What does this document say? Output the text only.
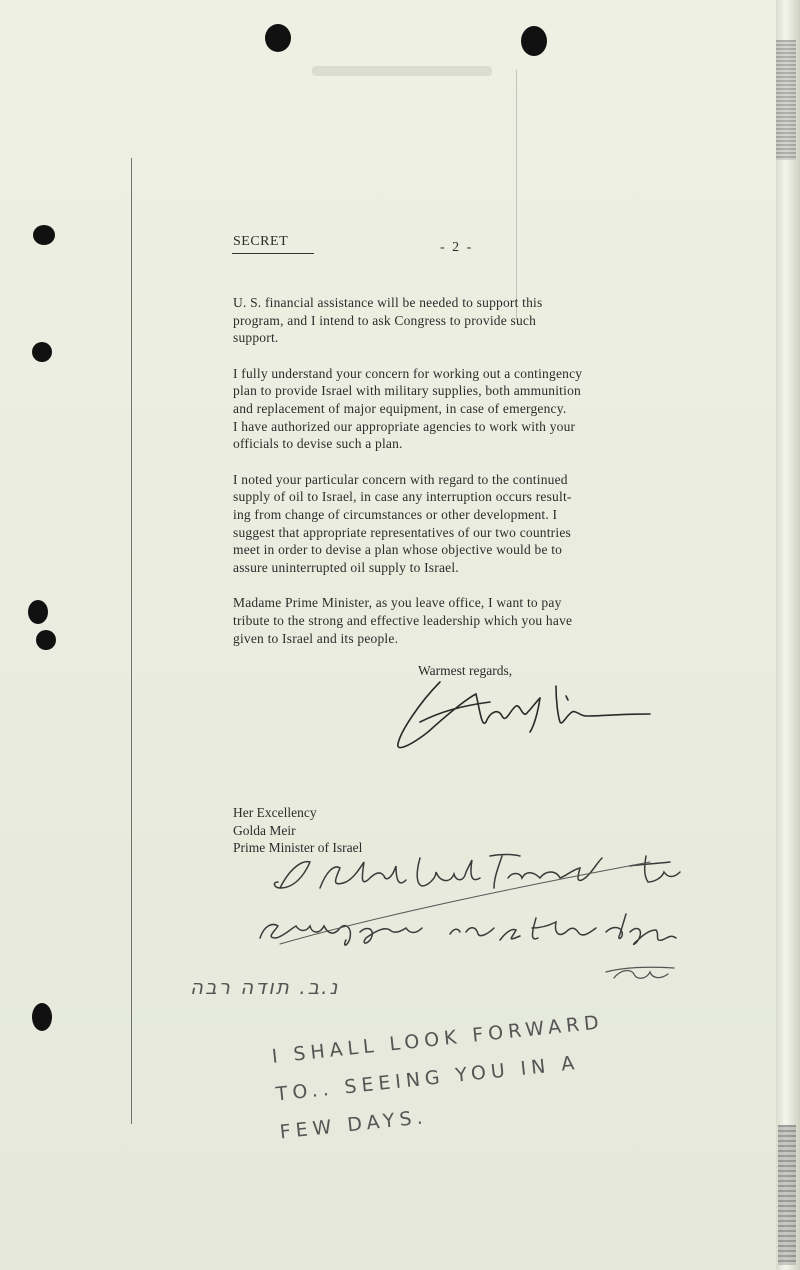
SECRET	- 2 -

U. S. financial assistance will be needed to support this
program, and I intend to ask Congress to provide such
support.

I fully understand your concern for working out a contingency
plan to provide Israel with military supplies, both ammunition
and replacement of major equipment, in case of emergency.
I have authorized our appropriate agencies to work with your
officials to devise such a plan.

I noted your particular concern with regard to the continued
supply of oil to Israel, in case any interruption occurs result-
ing from change of circumstances or other development. I
suggest that appropriate representatives of our two countries
meet in order to devise a plan whose objective would be to
assure uninterrupted oil supply to Israel.

Madame Prime Minister, as you leave office, I want to pay
tribute to the strong and effective leadership which you have
given to Israel and its people.

Warmest regards,
Her Excellency
Golda Meir
Prime Minister of Israel
נ.ב. תודה רבה
I SHALL LOOK FORWARD
TO.. SEEING YOU IN A
FEW DAYS.
